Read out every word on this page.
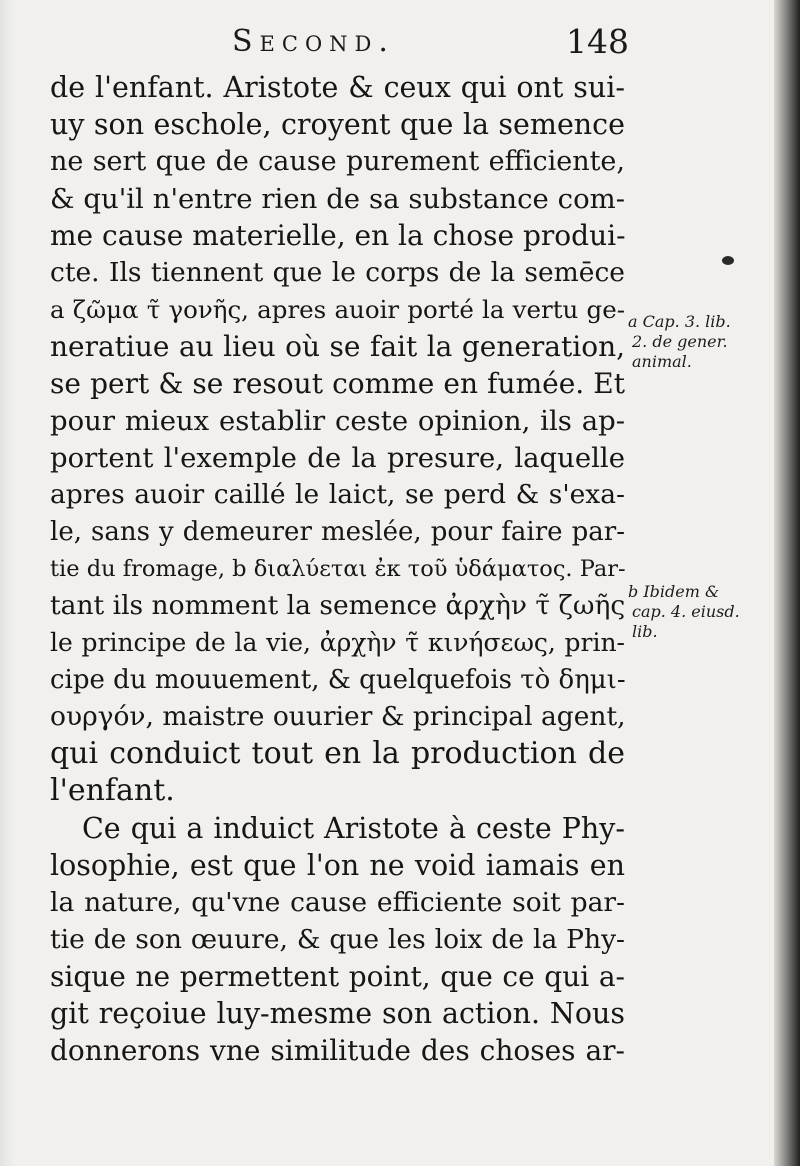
Second.	148
de l'enfant. Aristote & ceux qui ont sui-
uy son eschole, croyent que la semence
ne sert que de cause purement efficiente,
& qu'il n'entre rien de sa substance com-
me cause materielle, en la chose produi-
cte. Ils tiennent que le corps de la semēce
a ζῶμα τ̃ γονῆς, apres auoir porté la vertu ge-
neratiue au lieu où se fait la generation,
se pert & se resout comme en fumée. Et
pour mieux establir ceste opinion, ils ap-
portent l'exemple de la presure, laquelle
apres auoir caillé le laict, se perd & s'exa-
le, sans y demeurer meslée, pour faire par-
tie du fromage, b διαλύεται ἐκ τοῦ ὑδάματος. Par-
tant ils nomment la semence ἀρχὴν τ̃ ζωῆς
le principe de la vie, ἀρχὴν τ̃ κινήσεως, prin-
cipe du mouuement, & quelquefois τὸ δημι-
ουργόν, maistre ouurier & principal agent,
qui conduict tout en la production de
l'enfant.
Ce qui a induict Aristote à ceste Phy-
losophie, est que l'on ne void iamais en
la nature, qu'vne cause efficiente soit par-
tie de son œuure, & que les loix de la Phy-
sique ne permettent point, que ce qui a-
git reçoiue luy-mesme son action. Nous
donnerons vne similitude des choses ar-
a Cap. 3. lib.
2. de gener.
animal.
b Ibidem &
cap. 4. eiusd.
lib.
